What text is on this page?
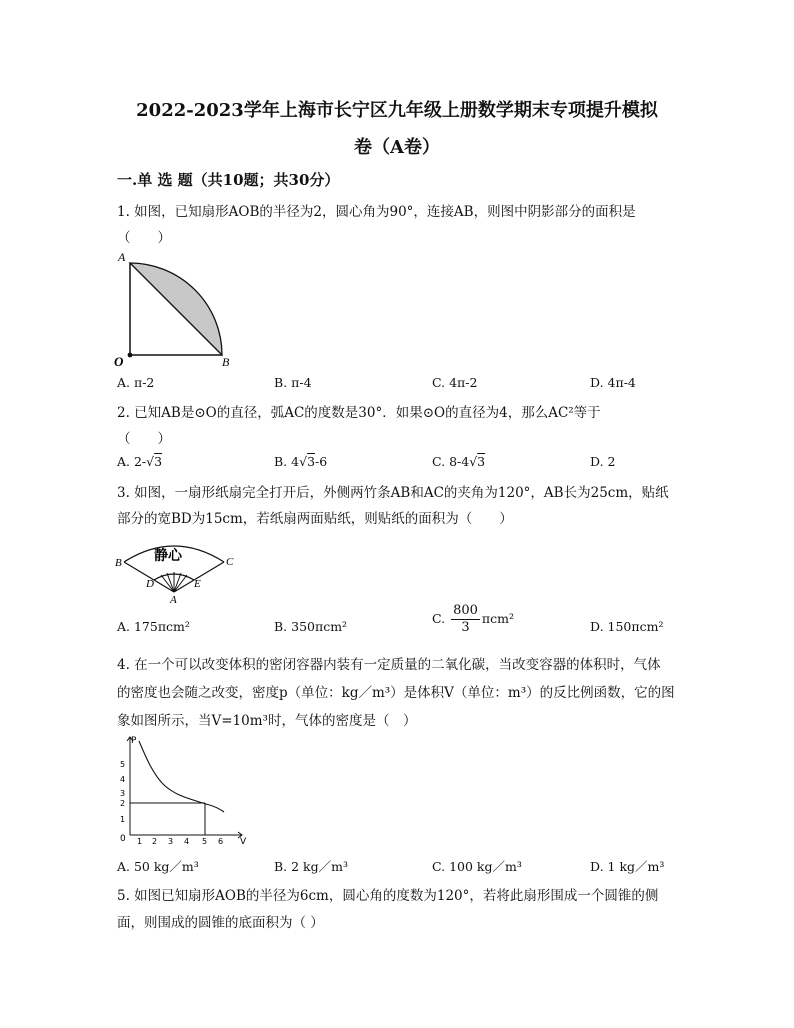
2022-2023学年上海市长宁区九年级上册数学期末专项提升模拟
卷（A卷）
一.单 选 题（共10题；共30分）
1. 如图，已知扇形AOB的半径为2，圆心角为90°，连接AB，则图中阴影部分的面积是
（　　）
A
O	B
A. π-2	B. π-4	C. 4π-2	D. 4π-4
2. 已知AB是⊙O的直径，弧AC的度数是30°．如果⊙O的直径为4，那么AC²等于
（　　）
A. 2-√3	B. 4√3-6	C. 8-4√3	D. 2
3. 如图，一扇形纸扇完全打开后，外侧两竹条AB和AC的夹角为120°，AB长为25cm，贴纸
部分的宽BD为15cm，若纸扇两面贴纸，则贴纸的面积为（　　）
静心
B	C
D	E
A
A. 175πcm²	B. 350πcm²
C. $\frac{800}{3} \pi cm^2$
D. 150πcm²
4. 在一个可以改变体积的密闭容器内装有一定质量的二氧化碳，当改变容器的体积时，气体
的密度也会随之改变，密度p（单位：kg／m³）是体积V（单位：m³）的反比例函数，它的图
象如图所示，当V=10m³时，气体的密度是（　）
P
V
0
1
2
3
4
5
1 2 3 4 5 6
A. 50 kg／m³	B. 2 kg／m³	C. 100 kg／m³	D. 1 kg／m³
5. 如图已知扇形AOB的半径为6cm，圆心角的度数为120°，若将此扇形围成一个圆锥的侧
面，则围成的圆锥的底面积为（ ）
